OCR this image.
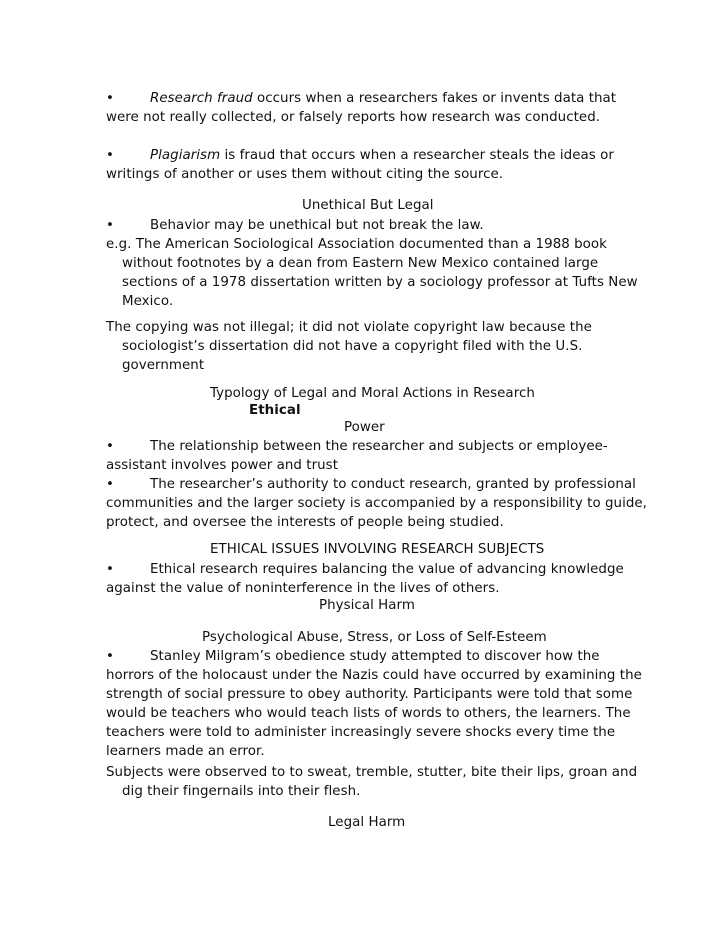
•	Research fraud occurs when a researchers fakes or invents data that
were not really collected, or falsely reports how research was conducted.

•	Plagiarism is fraud that occurs when a researcher steals the ideas or
writings of another or uses them without citing the source.

Unethical But Legal

•	Behavior may be unethical but not break the law.

e.g. The American Sociological Association documented than a 1988 book
without footnotes by a dean from Eastern New Mexico contained large
sections of a 1978 dissertation written by a sociology professor at Tufts New
Mexico.

The copying was not illegal; it did not violate copyright law because the
sociologist’s dissertation did not have a copyright filed with the U.S.
government

Typology of Legal and Moral Actions in Research

Ethical

Power

•	The relationship between the researcher and subjects or employee-
assistant involves power and trust

•	The researcher’s authority to conduct research, granted by professional
communities and the larger society is accompanied by a responsibility to guide,
protect, and oversee the interests of people being studied.

ETHICAL ISSUES INVOLVING RESEARCH SUBJECTS

•	Ethical research requires balancing the value of advancing knowledge
against the value of noninterference in the lives of others.

Physical Harm

Psychological Abuse, Stress, or Loss of Self-Esteem

•	Stanley Milgram’s obedience study attempted to discover how the
horrors of the holocaust under the Nazis could have occurred by examining the
strength of social pressure to obey authority. Participants were told that some
would be teachers who would teach lists of words to others, the learners. The
teachers were told to administer increasingly severe shocks every time the
learners made an error.

Subjects were observed to to sweat, tremble, stutter, bite their lips, groan and
dig their fingernails into their flesh.

Legal Harm
